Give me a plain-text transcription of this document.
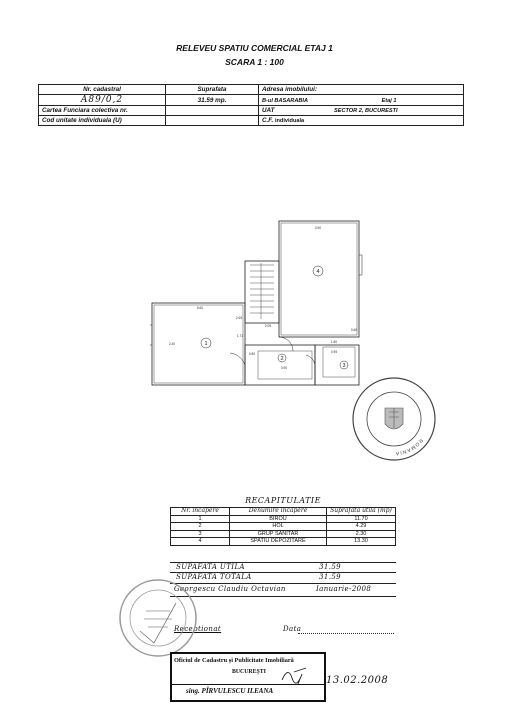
RELEVEU SPATIU COMERCIAL ETAJ 1
SCARA 1 : 100
Nr. cadastral	Suprafata	Adresa imobilului:
A89/0,2	31.59 mp.	B-ul BASARABIA Etaj 1
Cartea Funciara colectiva nr.		UAT SECTOR 2, BUCURESTI
Cod unitate individuala (U)		C.F. individuala
1
2
3
4
5.60
3.90
2.65
2.05
0.80
1.71
1.80
3.90
0.95
2.40
0.66
ROMANIA
RECAPITULATIE
Nr. incapere	Denumire incapere	Suprafata utila (mp)
1	BIROU	11.70
2	HOL	4.29
3	GRUP SANITAR	2.30
4	SPATIU DEPOZITARE	13.30
SUPAFATA UTILA	31.59
SUPAFATA TOTALA	31.59
Georgescu Claudiu Octavian	Ianuarie-2008
Receptionat	Data
Oficiul de Cadastru și Publicitate Imobiliară
BUCUREȘTI
sing. PÎRVULESCU ILEANA
13.02.2008
